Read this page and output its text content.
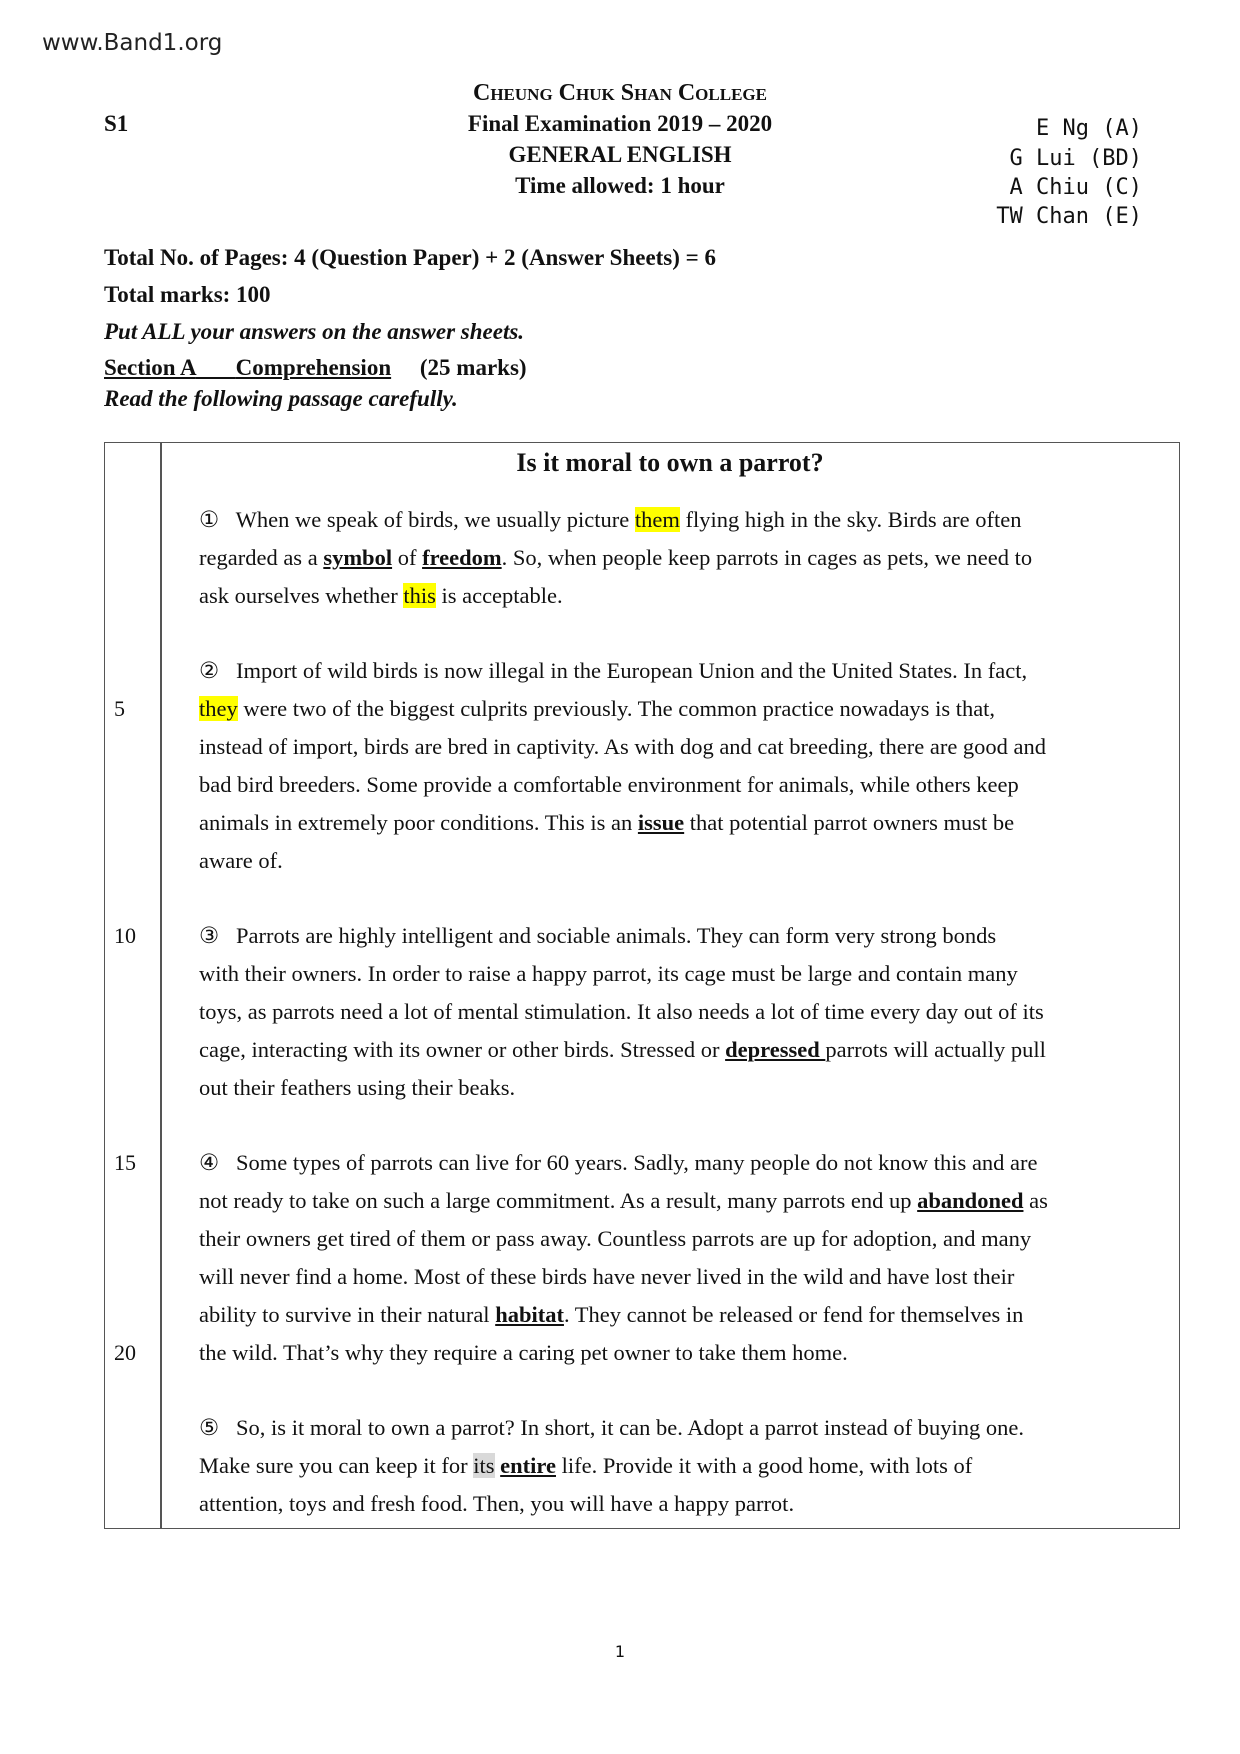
www.Band1.org
Cheung Chuk Shan College
Final Examination 2019 – 2020
GENERAL ENGLISH
Time allowed: 1 hour
S1	E Ng (A)
G Lui (BD)
A Chiu (C)
TW Chan (E)
Total No. of Pages: 4 (Question Paper) + 2 (Answer Sheets) = 6
Total marks: 100
Put ALL your answers on the answer sheets.
Section A Comprehension (25 marks)
Read the following passage carefully.
Is it moral to own a parrot?
①   When we speak of birds, we usually picture them flying high in the sky. Birds are often
regarded as a symbol of freedom. So, when people keep parrots in cages as pets, we need to
ask ourselves whether this is acceptable.
②   Import of wild birds is now illegal in the European Union and the United States. In fact,
they were two of the biggest culprits previously. The common practice nowadays is that,
instead of import, birds are bred in captivity. As with dog and cat breeding, there are good and
bad bird breeders. Some provide a comfortable environment for animals, while others keep
animals in extremely poor conditions. This is an issue that potential parrot owners must be
aware of.
③   Parrots are highly intelligent and sociable animals. They can form very strong bonds
with their owners. In order to raise a happy parrot, its cage must be large and contain many
toys, as parrots need a lot of mental stimulation. It also needs a lot of time every day out of its
cage, interacting with its owner or other birds. Stressed or depressed parrots will actually pull
out their feathers using their beaks.
④   Some types of parrots can live for 60 years. Sadly, many people do not know this and are
not ready to take on such a large commitment. As a result, many parrots end up abandoned as
their owners get tired of them or pass away. Countless parrots are up for adoption, and many
will never find a home. Most of these birds have never lived in the wild and have lost their
ability to survive in their natural habitat. They cannot be released or fend for themselves in
the wild. That’s why they require a caring pet owner to take them home.
⑤   So, is it moral to own a parrot? In short, it can be. Adopt a parrot instead of buying one.
Make sure you can keep it for its entire life. Provide it with a good home, with lots of
attention, toys and fresh food. Then, you will have a happy parrot.
5
10
15
20
1
